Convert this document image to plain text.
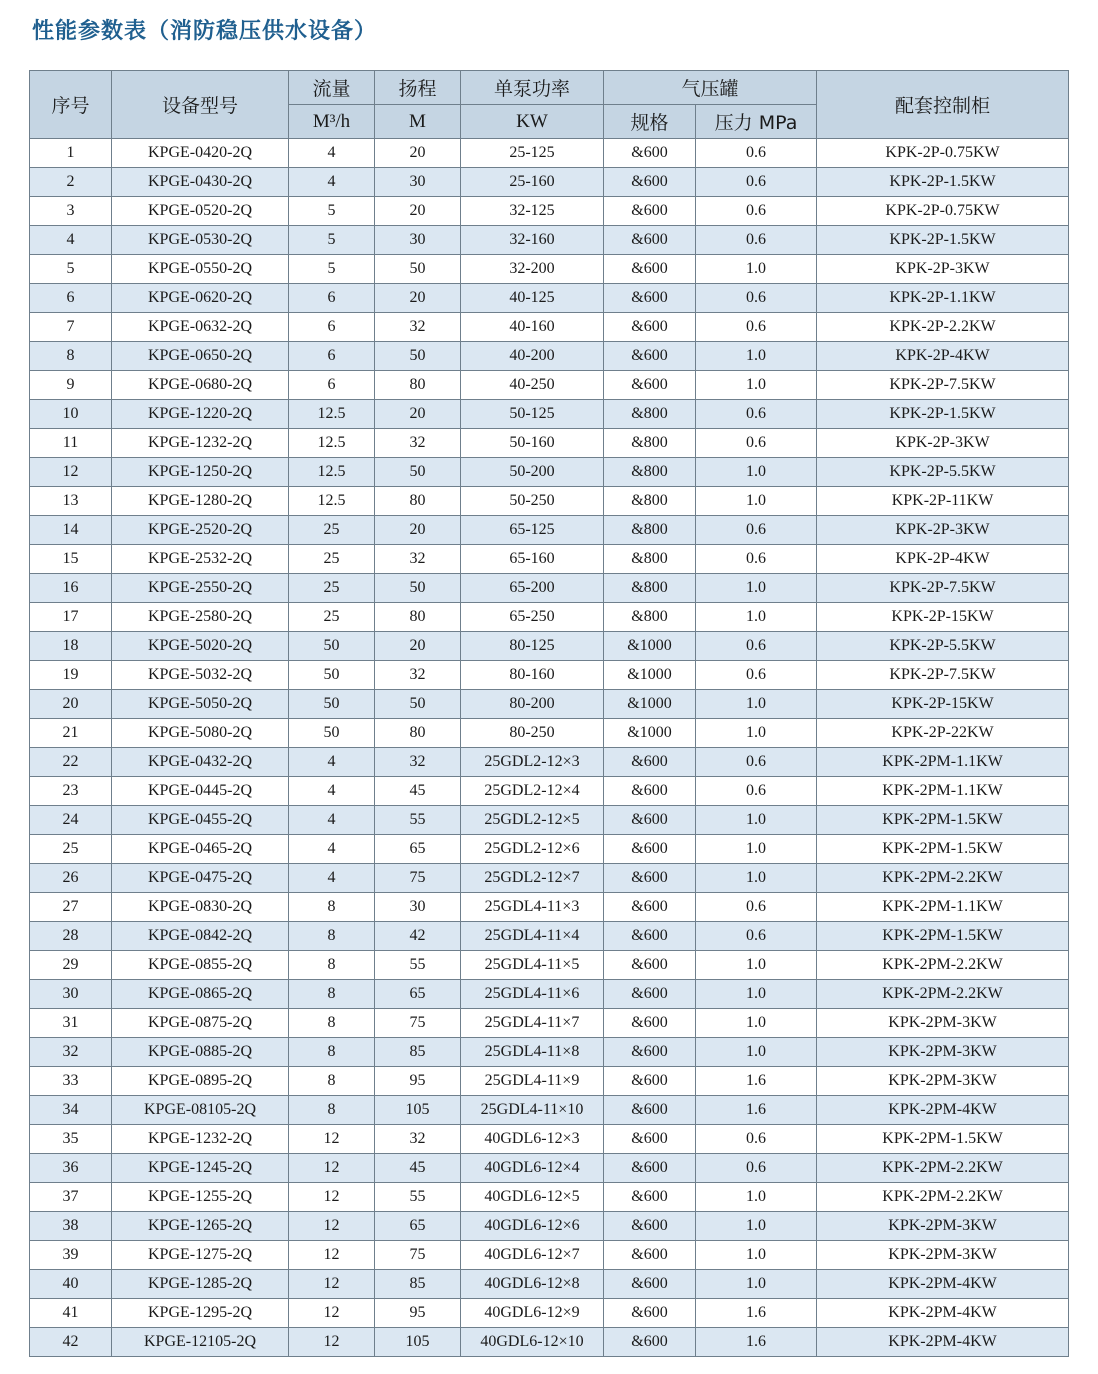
性能参数表（消防稳压供水设备）
序号	设备型号	流量	扬程	单泵功率	气压罐		配套控制柜
		M³/h	M	KW	规格	压力 MPa	
1	KPGE-0420-2Q	4	20	25-125	&600	0.6	KPK-2P-0.75KW
2	KPGE-0430-2Q	4	30	25-160	&600	0.6	KPK-2P-1.5KW
3	KPGE-0520-2Q	5	20	32-125	&600	0.6	KPK-2P-0.75KW
4	KPGE-0530-2Q	5	30	32-160	&600	0.6	KPK-2P-1.5KW
5	KPGE-0550-2Q	5	50	32-200	&600	1.0	KPK-2P-3KW
6	KPGE-0620-2Q	6	20	40-125	&600	0.6	KPK-2P-1.1KW
7	KPGE-0632-2Q	6	32	40-160	&600	0.6	KPK-2P-2.2KW
8	KPGE-0650-2Q	6	50	40-200	&600	1.0	KPK-2P-4KW
9	KPGE-0680-2Q	6	80	40-250	&600	1.0	KPK-2P-7.5KW
10	KPGE-1220-2Q	12.5	20	50-125	&800	0.6	KPK-2P-1.5KW
11	KPGE-1232-2Q	12.5	32	50-160	&800	0.6	KPK-2P-3KW
12	KPGE-1250-2Q	12.5	50	50-200	&800	1.0	KPK-2P-5.5KW
13	KPGE-1280-2Q	12.5	80	50-250	&800	1.0	KPK-2P-11KW
14	KPGE-2520-2Q	25	20	65-125	&800	0.6	KPK-2P-3KW
15	KPGE-2532-2Q	25	32	65-160	&800	0.6	KPK-2P-4KW
16	KPGE-2550-2Q	25	50	65-200	&800	1.0	KPK-2P-7.5KW
17	KPGE-2580-2Q	25	80	65-250	&800	1.0	KPK-2P-15KW
18	KPGE-5020-2Q	50	20	80-125	&1000	0.6	KPK-2P-5.5KW
19	KPGE-5032-2Q	50	32	80-160	&1000	0.6	KPK-2P-7.5KW
20	KPGE-5050-2Q	50	50	80-200	&1000	1.0	KPK-2P-15KW
21	KPGE-5080-2Q	50	80	80-250	&1000	1.0	KPK-2P-22KW
22	KPGE-0432-2Q	4	32	25GDL2-12×3	&600	0.6	KPK-2PM-1.1KW
23	KPGE-0445-2Q	4	45	25GDL2-12×4	&600	0.6	KPK-2PM-1.1KW
24	KPGE-0455-2Q	4	55	25GDL2-12×5	&600	1.0	KPK-2PM-1.5KW
25	KPGE-0465-2Q	4	65	25GDL2-12×6	&600	1.0	KPK-2PM-1.5KW
26	KPGE-0475-2Q	4	75	25GDL2-12×7	&600	1.0	KPK-2PM-2.2KW
27	KPGE-0830-2Q	8	30	25GDL4-11×3	&600	0.6	KPK-2PM-1.1KW
28	KPGE-0842-2Q	8	42	25GDL4-11×4	&600	0.6	KPK-2PM-1.5KW
29	KPGE-0855-2Q	8	55	25GDL4-11×5	&600	1.0	KPK-2PM-2.2KW
30	KPGE-0865-2Q	8	65	25GDL4-11×6	&600	1.0	KPK-2PM-2.2KW
31	KPGE-0875-2Q	8	75	25GDL4-11×7	&600	1.0	KPK-2PM-3KW
32	KPGE-0885-2Q	8	85	25GDL4-11×8	&600	1.0	KPK-2PM-3KW
33	KPGE-0895-2Q	8	95	25GDL4-11×9	&600	1.6	KPK-2PM-3KW
34	KPGE-08105-2Q	8	105	25GDL4-11×10	&600	1.6	KPK-2PM-4KW
35	KPGE-1232-2Q	12	32	40GDL6-12×3	&600	0.6	KPK-2PM-1.5KW
36	KPGE-1245-2Q	12	45	40GDL6-12×4	&600	0.6	KPK-2PM-2.2KW
37	KPGE-1255-2Q	12	55	40GDL6-12×5	&600	1.0	KPK-2PM-2.2KW
38	KPGE-1265-2Q	12	65	40GDL6-12×6	&600	1.0	KPK-2PM-3KW
39	KPGE-1275-2Q	12	75	40GDL6-12×7	&600	1.0	KPK-2PM-3KW
40	KPGE-1285-2Q	12	85	40GDL6-12×8	&600	1.0	KPK-2PM-4KW
41	KPGE-1295-2Q	12	95	40GDL6-12×9	&600	1.6	KPK-2PM-4KW
42	KPGE-12105-2Q	12	105	40GDL6-12×10	&600	1.6	KPK-2PM-4KW
